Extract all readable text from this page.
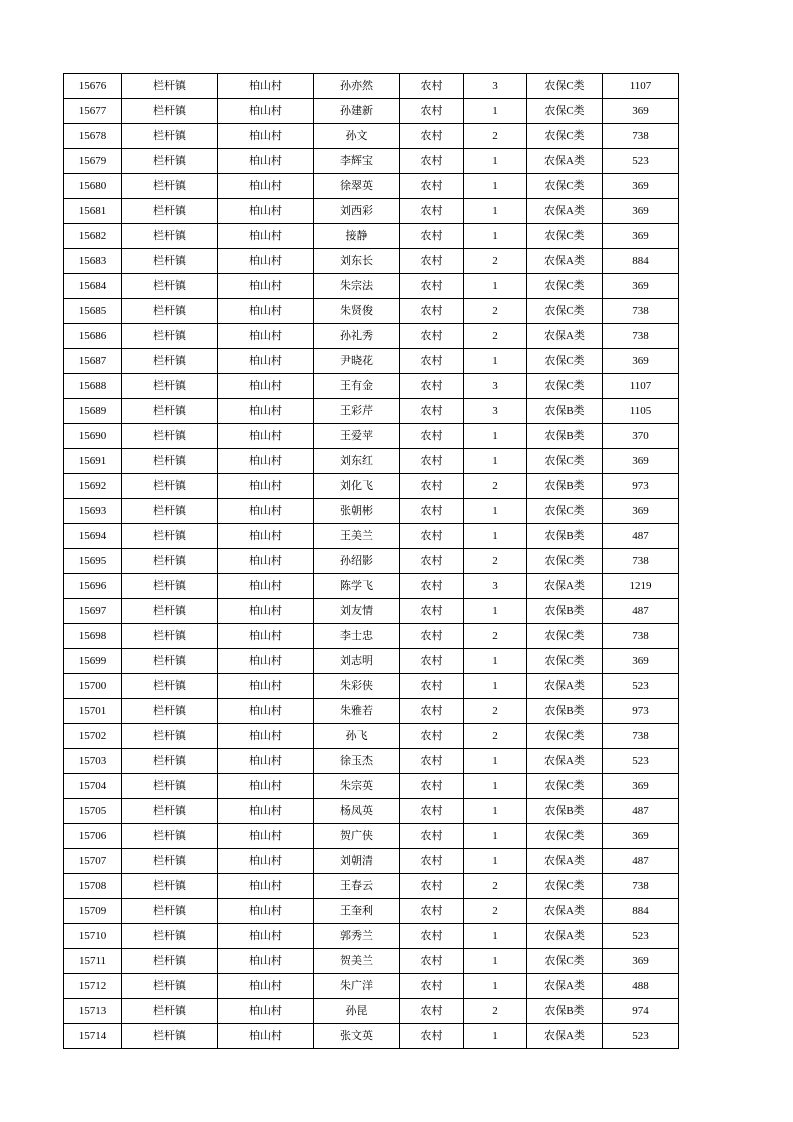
15676	栏杆镇	柏山村	孙亦然	农村	3	农保C类	1107
15677	栏杆镇	柏山村	孙建新	农村	1	农保C类	369
15678	栏杆镇	柏山村	孙文	农村	2	农保C类	738
15679	栏杆镇	柏山村	李辉宝	农村	1	农保A类	523
15680	栏杆镇	柏山村	徐翠英	农村	1	农保C类	369
15681	栏杆镇	柏山村	刘西彩	农村	1	农保A类	369
15682	栏杆镇	柏山村	接静	农村	1	农保C类	369
15683	栏杆镇	柏山村	刘东长	农村	2	农保A类	884
15684	栏杆镇	柏山村	朱宗法	农村	1	农保C类	369
15685	栏杆镇	柏山村	朱贤俊	农村	2	农保C类	738
15686	栏杆镇	柏山村	孙礼秀	农村	2	农保A类	738
15687	栏杆镇	柏山村	尹晓花	农村	1	农保C类	369
15688	栏杆镇	柏山村	王有金	农村	3	农保C类	1107
15689	栏杆镇	柏山村	王彩芹	农村	3	农保B类	1105
15690	栏杆镇	柏山村	王爱苹	农村	1	农保B类	370
15691	栏杆镇	柏山村	刘东红	农村	1	农保C类	369
15692	栏杆镇	柏山村	刘化飞	农村	2	农保B类	973
15693	栏杆镇	柏山村	张朝彬	农村	1	农保C类	369
15694	栏杆镇	柏山村	王美兰	农村	1	农保B类	487
15695	栏杆镇	柏山村	孙绍影	农村	2	农保C类	738
15696	栏杆镇	柏山村	陈学飞	农村	3	农保A类	1219
15697	栏杆镇	柏山村	刘友情	农村	1	农保B类	487
15698	栏杆镇	柏山村	李士忠	农村	2	农保C类	738
15699	栏杆镇	柏山村	刘志明	农村	1	农保C类	369
15700	栏杆镇	柏山村	朱彩侠	农村	1	农保A类	523
15701	栏杆镇	柏山村	朱雅若	农村	2	农保B类	973
15702	栏杆镇	柏山村	孙飞	农村	2	农保C类	738
15703	栏杆镇	柏山村	徐玉杰	农村	1	农保A类	523
15704	栏杆镇	柏山村	朱宗英	农村	1	农保C类	369
15705	栏杆镇	柏山村	杨凤英	农村	1	农保B类	487
15706	栏杆镇	柏山村	贺广侠	农村	1	农保C类	369
15707	栏杆镇	柏山村	刘朝清	农村	1	农保A类	487
15708	栏杆镇	柏山村	王春云	农村	2	农保C类	738
15709	栏杆镇	柏山村	王奎利	农村	2	农保A类	884
15710	栏杆镇	柏山村	郭秀兰	农村	1	农保A类	523
15711	栏杆镇	柏山村	贺美兰	农村	1	农保C类	369
15712	栏杆镇	柏山村	朱广洋	农村	1	农保A类	488
15713	栏杆镇	柏山村	孙昆	农村	2	农保B类	974
15714	栏杆镇	柏山村	张文英	农村	1	农保A类	523
